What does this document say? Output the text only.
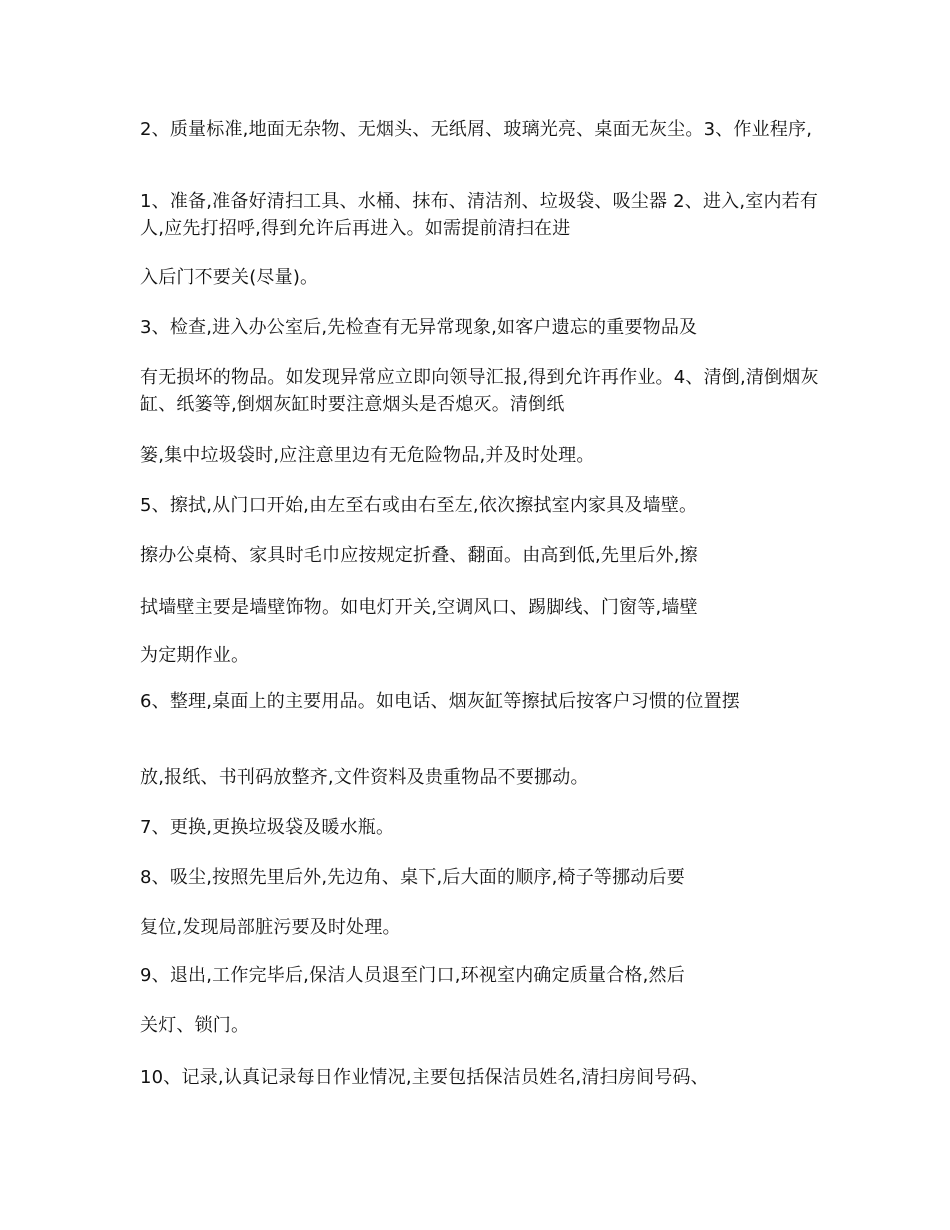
2、质量标准,地面无杂物、无烟头、无纸屑、玻璃光亮、桌面无灰尘。3、作业程序,
1、准备,准备好清扫工具、水桶、抹布、清洁剂、垃圾袋、吸尘器 2、进入,室内若有人,应先打招呼,得到允许后再进入。如需提前清扫在进
入后门不要关(尽量)。
3、检查,进入办公室后,先检查有无异常现象,如客户遗忘的重要物品及
有无损坏的物品。如发现异常应立即向领导汇报,得到允许再作业。4、清倒,清倒烟灰缸、纸篓等,倒烟灰缸时要注意烟头是否熄灭。清倒纸
篓,集中垃圾袋时,应注意里边有无危险物品,并及时处理。
5、擦拭,从门口开始,由左至右或由右至左,依次擦拭室内家具及墙壁。
擦办公桌椅、家具时毛巾应按规定折叠、翻面。由高到低,先里后外,擦
拭墙壁主要是墙壁饰物。如电灯开关,空调风口、踢脚线、门窗等,墙壁
为定期作业。
6、整理,桌面上的主要用品。如电话、烟灰缸等擦拭后按客户习惯的位置摆
放,报纸、书刊码放整齐,文件资料及贵重物品不要挪动。
7、更换,更换垃圾袋及暖水瓶。
8、吸尘,按照先里后外,先边角、桌下,后大面的顺序,椅子等挪动后要
复位,发现局部脏污要及时处理。
9、退出,工作完毕后,保洁人员退至门口,环视室内确定质量合格,然后
关灯、锁门。
10、记录,认真记录每日作业情况,主要包括保洁员姓名,清扫房间号码、
